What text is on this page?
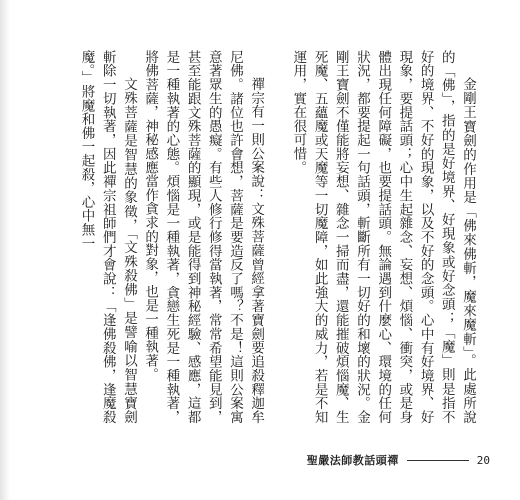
金剛王寶劍的作用是「佛來佛斬，魔來魔斬」。此處所說的「佛」，指的是好境界、好現象或好念頭；「魔」則是指不好的境界、不好的現象，以及不好的念頭。心中有好境界、好現象，要提話頭；心中生起雜念、妄想、煩惱、衝突，或是身體出現任何障礙，也要提話頭。無論遇到什麼心、環境的任何狀況，都要提起一句話頭，斬斷所有一切好的和壞的狀況。金剛王寶劍不僅能將妄想、雜念一掃而盡，還能摧破煩惱魔、生死魔、五蘊魔或天魔等一切魔障，如此強大的威力，若是不知運用，實在很可惜。

禪宗有一則公案說：文殊菩薩曾經拿著寶劍要追殺釋迦牟尼佛。諸位也許會想，菩薩是要造反了嗎？不是！這則公案寓意著眾生的愚癡。有些人修行修得當執著，常常希望能見到，甚至能跟文殊菩薩的顯現，或是能得到神秘經驗、感應，這都是一種執著的心態。煩惱是一種執著，貪戀生死是一種執著，將佛菩薩，神秘感應當作貪求的對象，也是一種執著。

文殊菩薩是智慧的象徵，「文殊殺佛」是譬喻以智慧寶劍斬除一切執著，因此禪宗祖師們才會說：「逢佛殺佛，逢魔殺魔。」將魔和佛一起殺，心中無一

聖嚴法師教話頭禪	20
